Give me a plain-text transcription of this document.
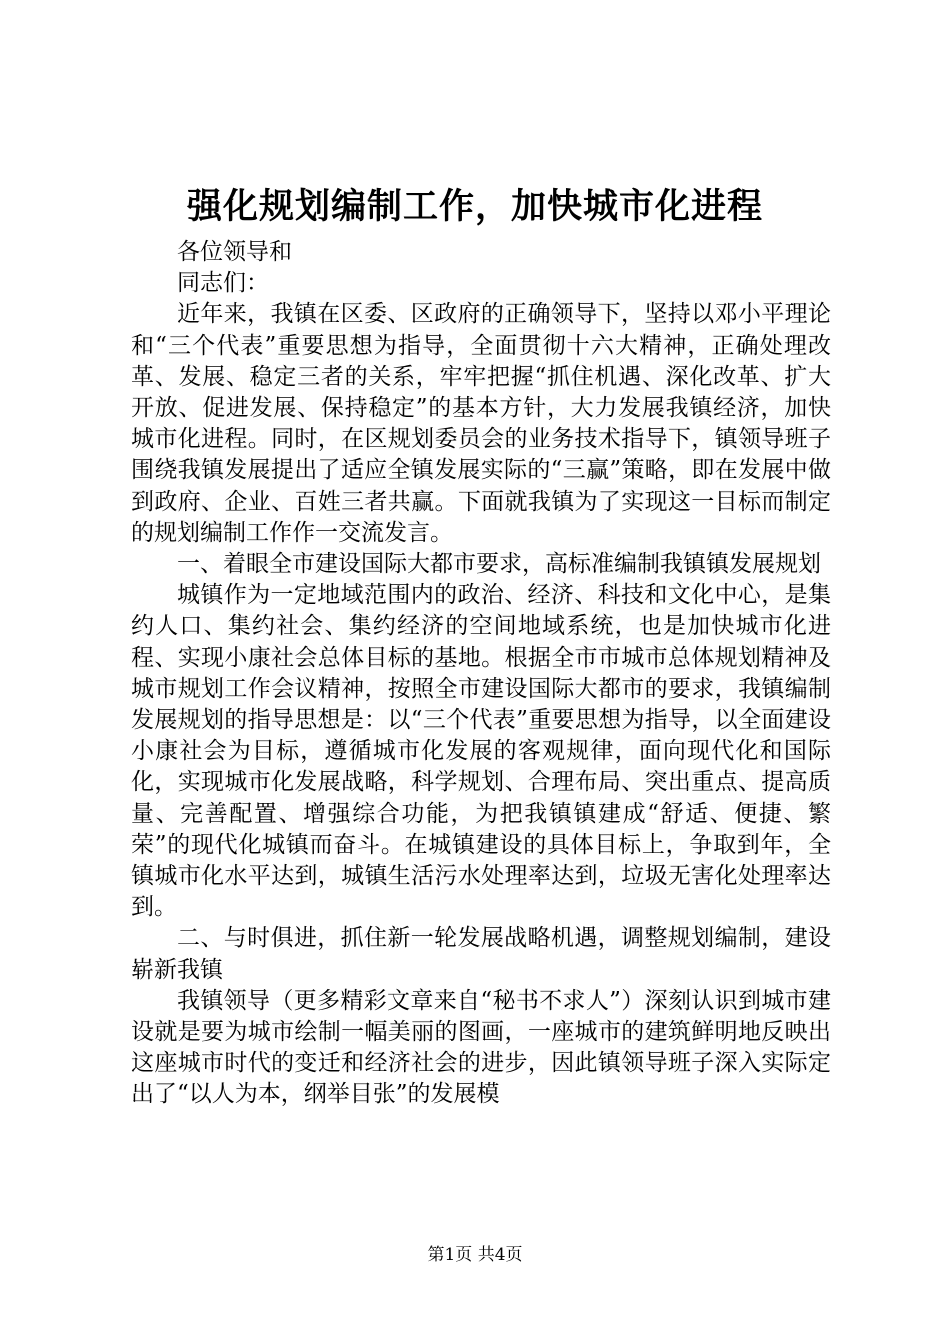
强化规划编制工作，加快城市化进程

各位领导和

同志们：

近年来，我镇在区委、区政府的正确领导下，坚持以邓小平理论和“三个代表”重要思想为指导，全面贯彻十六大精神，正确处理改革、发展、稳定三者的关系，牢牢把握“抓住机遇、深化改革、扩大开放、促进发展、保持稳定”的基本方针，大力发展我镇经济，加快城市化进程。同时，在区规划委员会的业务技术指导下，镇领导班子围绕我镇发展提出了适应全镇发展实际的“三赢”策略，即在发展中做到政府、企业、百姓三者共赢。下面就我镇为了实现这一目标而制定的规划编制工作作一交流发言。

一、着眼全市建设国际大都市要求，高标准编制我镇镇发展规划

城镇作为一定地域范围内的政治、经济、科技和文化中心，是集约人口、集约社会、集约经济的空间地域系统，也是加快城市化进程、实现小康社会总体目标的基地。根据全市市城市总体规划精神及城市规划工作会议精神，按照全市建设国际大都市的要求，我镇编制发展规划的指导思想是：以“三个代表”重要思想为指导，以全面建设小康社会为目标，遵循城市化发展的客观规律，面向现代化和国际化，实现城市化发展战略，科学规划、合理布局、突出重点、提高质量、完善配置、增强综合功能，为把我镇镇建成“舒适、便捷、繁荣”的现代化城镇而奋斗。在城镇建设的具体目标上，争取到年，全镇城市化水平达到，城镇生活污水处理率达到，垃圾无害化处理率达到。

二、与时俱进，抓住新一轮发展战略机遇，调整规划编制，建设崭新我镇

我镇领导（更多精彩文章来自“秘书不求人”）深刻认识到城市建设就是要为城市绘制一幅美丽的图画，一座城市的建筑鲜明地反映出这座城市时代的变迁和经济社会的进步，因此镇领导班子深入实际定出了“以人为本，纲举目张”的发展模

第1页 共4页
